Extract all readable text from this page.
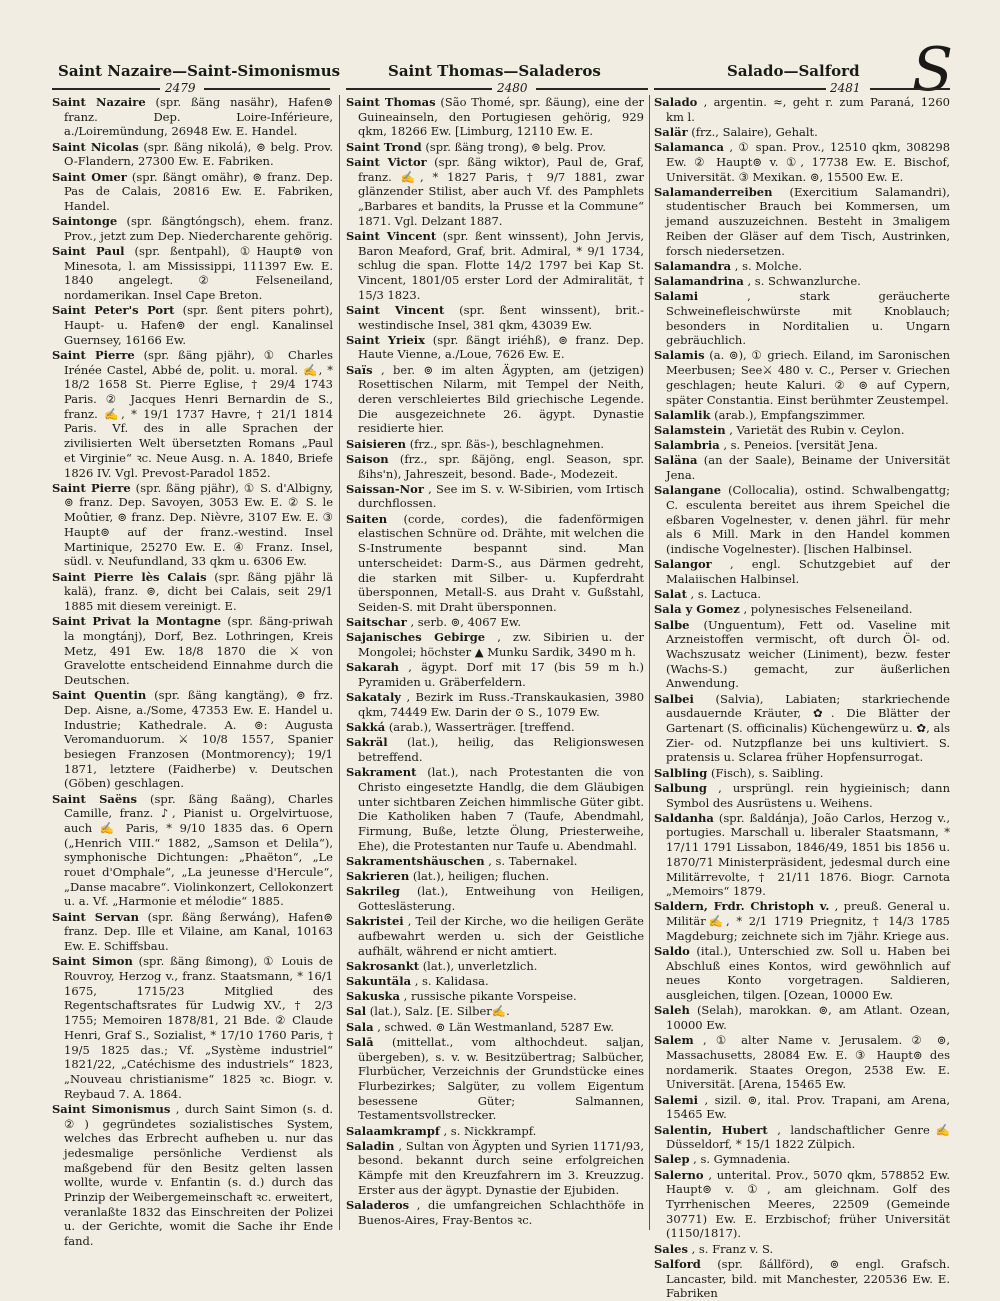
Saint Nazaire—Saint-Simonismus	Saint Thomas—Saladeros	Salado—Salford S
2479	2480	2481

Saint Nazaire (spr. ßäng nasähr), Hafen⊚ franz. Dep. Loire-Inférieure, a./Loiremündung, 26948 Ew. E. Handel.

Saint Nicolas (spr. ßäng nikolá), ⊚ belg. Prov. O-Flandern, 27300 Ew. E. Fabriken.

Saint Omer (spr. ßängt omähr), ⊚ franz. Dep. Pas de Calais, 20816 Ew. E. Fabriken, Handel.

Saintonge (spr. ßängtóngsch), ehem. franz. Prov., jetzt zum Dep. Niedercharente gehörig.

Saint Paul (spr. ßentpahl), ①Haupt⊚ von Minesota, l. am Mississippi, 111397 Ew. E. 1840 angelegt. ② Felseneiland, nordamerikan. Insel Cape Breton.

Saint Peter's Port (spr. ßent piters pohrt), Haupt- u. Hafen⊚ der engl. Kanalinsel Guernsey, 16166 Ew.

Saint Pierre (spr. ßäng pjähr), ① Charles Irénée Castel, Abbé de, polit. u. moral. ✍, * 18/2 1658 St. Pierre Eglise, † 29/4 1743 Paris. ② Jacques Henri Bernardin de S., franz. ✍, * 19/1 1737 Havre, † 21/1 1814 Paris. Vf. des in alle Sprachen der zivilisierten Welt übersetzten Romans „Paul et Virginie“ ꝛc. Neue Ausg. n. A. 1840, Briefe 1826 IV. Vgl. Prevost-Paradol 1852.

Saint Pierre (spr. ßäng pjähr), ① S. d'Albigny, ⊚ franz. Dep. Savoyen, 3053 Ew. E. ② S. le Moûtier, ⊚ franz. Dep. Nièvre, 3107 Ew. E. ③ Haupt⊚ auf der franz.-westind. Insel Martinique, 25270 Ew. E. ④ Franz. Insel, südl. v. Neufundland, 33 qkm u. 6306 Ew.

Saint Pierre lès Calais (spr. ßäng pjähr lä kalä), franz. ⊚, dicht bei Calais, seit 29/1 1885 mit diesem vereinigt. E.

Saint Privat la Montagne (spr. ßäng-priwah la mongtánj), Dorf, Bez. Lothringen, Kreis Metz, 491 Ew. 18/8 1870 die ⚔ von Gravelotte entscheidend Einnahme durch die Deutschen.

Saint Quentin (spr. ßäng kangtäng), ⊚ frz. Dep. Aisne, a./Some, 47353 Ew. E. Handel u. Industrie; Kathedrale. A. ⊚: Augusta Veromanduorum. ⚔ 10/8 1557, Spanier besiegen Franzosen (Montmorency); 19/1 1871, letztere (Faidherbe) v. Deutschen (Göben) geschlagen.

Saint Saëns (spr. ßäng ßaäng), Charles Camille, franz. ♪, Pianist u. Orgelvirtuose, auch ✍ Paris, * 9/10 1835 das. 6 Opern („Henrich VIII.“ 1882, „Samson et Delila“), symphonische Dichtungen: „Phaëton“, „Le rouet d'Omphale“, „La jeunesse d'Hercule“, „Danse macabre“. Violinkonzert, Cellokonzert u. a. Vf. „Harmonie et mélodie“ 1885.

Saint Servan (spr. ßäng ßerwáng), Hafen⊚ franz. Dep. Ille et Vilaine, am Kanal, 10163 Ew. E. Schiffsbau.

Saint Simon (spr. ßäng ßimong), ① Louis de Rouvroy, Herzog v., franz. Staatsmann, * 16/1 1675, 1715/23 Mitglied des Regentschaftsrates für Ludwig XV., † 2/3 1755; Memoiren 1878/81, 21 Bde. ② Claude Henri, Graf S., Sozialist, * 17/10 1760 Paris, † 19/5 1825 das.; Vf. „Système industriel“ 1821/22, „Catéchisme des industriels“ 1823, „Nouveau christianisme“ 1825 ꝛc. Biogr. v. Reybaud 7. A. 1864.

Saint Simonismus , durch Saint Simon (s. d. ②) gegründetes sozialistisches System, welches das Erbrecht aufheben u. nur das jedesmalige persönliche Verdienst als maßgebend für den Besitz gelten lassen wollte, wurde v. Enfantin (s. d.) durch das Prinzip der Weibergemeinschaft ꝛc. erweitert, veranlaßte 1832 das Einschreiten der Polizei u. der Gerichte, womit die Sache ihr Ende fand.

Saint Thomas (São Thomé, spr. ßäung), eine der Guineainseln, den Portugiesen gehörig, 929 qkm, 18266 Ew. [Limburg, 12110 Ew. E.

Saint Trond (spr. ßäng trong), ⊚ belg. Prov.

Saint Victor (spr. ßäng wiktor), Paul de, Graf, franz. ✍, * 1827 Paris, † 9/7 1881, zwar glänzender Stilist, aber auch Vf. des Pamphlets „Barbares et bandits, la Prusse et la Commune“ 1871. Vgl. Delzant 1887.

Saint Vincent (spr. ßent winssent), John Jervis, Baron Meaford, Graf, brit. Admiral, * 9/1 1734, schlug die span. Flotte 14/2 1797 bei Kap St. Vincent, 1801/05 erster Lord der Admiralität, † 15/3 1823.

Saint Vincent (spr. ßent winssent), brit.-westindische Insel, 381 qkm, 43039 Ew.

Saint Yrieix (spr. ßängt iriéhß), ⊚ franz. Dep. Haute Vienne, a./Loue, 7626 Ew. E.

Saïs , ber. ⊚ im alten Ägypten, am (jetzigen) Rosettischen Nilarm, mit Tempel der Neith, deren verschleiertes Bild griechische Legende. Die ausgezeichnete 26. ägypt. Dynastie residierte hier.

Saisieren (frz., spr. ßäs-), beschlagnehmen.

Saison (frz., spr. ßäjöng, engl. Season, spr. ßihs'n), Jahreszeit, besond. Bade-, Modezeit.

Saissan-Nor , See im S. v. W-Sibirien, vom Irtisch durchflossen.

Saiten (corde, cordes), die fadenförmigen elastischen Schnüre od. Drähte, mit welchen die S-Instrumente bespannt sind. Man unterscheidet: Darm-S., aus Därmen gedreht, die starken mit Silber- u. Kupferdraht übersponnen, Metall-S. aus Draht v. Gußstahl, Seiden-S. mit Draht übersponnen.

Saitschar , serb. ⊚, 4067 Ew.

Sajanisches Gebirge , zw. Sibirien u. der Mongolei; höchster ▲ Munku Sardik, 3490 m h.

Sakarah , ägypt. Dorf mit 17 (bis 59 m h.) Pyramiden u. Gräberfeldern.

Sakataly , Bezirk im Russ.-Transkaukasien, 3980 qkm, 74449 Ew. Darin der ⊙ S., 1079 Ew.

Sakká (arab.), Wasserträger. [treffend.

Sakräl (lat.), heilig, das Religionswesen betreffend.

Sakrament (lat.), nach Protestanten die von Christo eingesetzte Handlg, die dem Gläubigen unter sichtbaren Zeichen himmlische Güter gibt. Die Katholiken haben 7 (Taufe, Abendmahl, Firmung, Buße, letzte Ölung, Priesterweihe, Ehe), die Protestanten nur Taufe u. Abendmahl.

Sakramentshäuschen , s. Tabernakel.

Sakrieren (lat.), heiligen; fluchen.

Sakrileg (lat.), Entweihung von Heiligen, Gotteslästerung.

Sakristei , Teil der Kirche, wo die heiligen Geräte aufbewahrt werden u. sich der Geistliche aufhält, während er nicht amtiert.

Sakrosankt (lat.), unverletzlich.

Sakuntäla , s. Kalidasa.

Sakuska , russische pikante Vorspeise.

Sal (lat.), Salz. [E. Silber✍.

Sala , schwed. ⊚ Län Westmanland, 5287 Ew.

Salā (mittellat., vom althochdeut. saljan, übergeben), s. v. w. Besitzübertrag; Salbücher, Flurbücher, Verzeichnis der Grundstücke eines Flurbezirkes; Salgüter, zu vollem Eigentum besessene Güter; Salmannen, Testamentsvollstrecker.

Salaamkrampf , s. Nickkrampf.

Saladin , Sultan von Ägypten und Syrien 1171/93, besond. bekannt durch seine erfolgreichen Kämpfe mit den Kreuzfahrern im 3. Kreuzzug. Erster aus der ägypt. Dynastie der Ejubiden.

Saladeros , die umfangreichen Schlachthöfe in Buenos-Aires, Fray-Bentos ꝛc.

Salado , argentin. ≈, geht r. zum Paraná, 1260 km l.

Salär (frz., Salaire), Gehalt.

Salamanca , ① span. Prov., 12510 qkm, 308298 Ew. ② Haupt⊚ v. ①, 17738 Ew. E. Bischof, Universität. ③ Mexikan. ⊚, 15500 Ew. E.

Salamanderreiben (Exercitium Salamandri), studentischer Brauch bei Kommersen, um jemand auszuzeichnen. Besteht in 3maligem Reiben der Gläser auf dem Tisch, Austrinken, forsch niedersetzen.

Salamandra , s. Molche.

Salamandrina , s. Schwanzlurche.

Salami	, stark geräucherte Schweinefleischwürste mit Knoblauch; besonders in Norditalien u. Ungarn gebräuchlich.

Salamis (a. ⊚), ① griech. Eiland, im Saronischen Meerbusen; See⚔ 480 v. C., Perser v. Griechen geschlagen; heute Kaluri. ② ⊚ auf Cypern, später Constantia. Einst berühmter Zeustempel.

Salamlik (arab.), Empfangszimmer.

Salamstein , Varietät des Rubin v. Ceylon.

Salambria , s. Peneios. [versität Jena.

Saläna (an der Saale), Beiname der Universität Jena.

Salangane (Collocalia), ostind. Schwalbengattg; C. esculenta bereitet aus ihrem Speichel die eßbaren Vogelnester, v. denen jährl. für mehr als 6 Mill. Mark in den Handel kommen (indische Vogelnester). [lischen Halbinsel.

Salangor , engl. Schutzgebiet auf der Malaiischen Halbinsel.

Salat , s. Lactuca.

Sala y Gomez , polynesisches Felseneiland.

Salbe (Unguentum), Fett od. Vaseline mit Arzneistoffen vermischt, oft durch Öl- od. Wachszusatz weicher (Liniment), bezw. fester (Wachs-S.) gemacht, zur äußerlichen Anwendung.

Salbei (Salvia), Labiaten; starkriechende ausdauernde Kräuter, ✿. Die Blätter der Gartenart (S. officinalis) Küchengewürz u. ✿, als Zier- od. Nutzpflanze bei uns kultiviert. S. pratensis u. Sclarea früher Hopfensurrogat.

Salbling (Fisch), s. Saibling.

Salbung , ursprüngl. rein hygieinisch; dann Symbol des Ausrüstens u. Weihens.

Saldanha (spr. ßaldánja), João Carlos, Herzog v., portugies. Marschall u. liberaler Staatsmann, * 17/11 1791 Lissabon, 1846/49, 1851 bis 1856 u. 1870/71 Ministerpräsident, jedesmal durch eine Militärrevolte, † 21/11 1876. Biogr. Carnota „Memoirs“ 1879.

Saldern, Frdr. Christoph v. , preuß. General u. Militär✍, * 2/1 1719 Priegnitz, † 14/3 1785 Magdeburg; zeichnete sich im 7jähr. Kriege aus.

Saldo (ital.), Unterschied zw. Soll u. Haben bei Abschluß eines Kontos, wird gewöhnlich auf neues Konto vorgetragen. Saldieren, ausgleichen, tilgen. [Ozean, 10000 Ew.

Saleh (Selah), marokkan. ⊚, am Atlant. Ozean, 10000 Ew.

Salem , ① alter Name v. Jerusalem. ② ⊚, Massachusetts, 28084 Ew. E. ③ Haupt⊚ des nordamerik. Staates Oregon, 2538 Ew. E. Universität. [Arena, 15465 Ew.

Salemi , sizil. ⊚, ital. Prov. Trapani, am Arena, 15465 Ew.

Salentin, Hubert , landschaftlicher Genre✍ Düsseldorf, * 15/1 1822 Zülpich.

Salep , s. Gymnadenia.

Salerno , unterital. Prov., 5070 qkm, 578852 Ew. Haupt⊚ v. ①, am gleichnam. Golf des Tyrrhenischen Meeres, 22509 (Gemeinde 30771) Ew. E. Erzbischof; früher Universität (1150/1817).

Sales , s. Franz v. S.

Salford (spr. ßállförd), ⊚ engl. Grafsch. Lancaster, bild. mit Manchester, 220536 Ew. E. Fabriken
